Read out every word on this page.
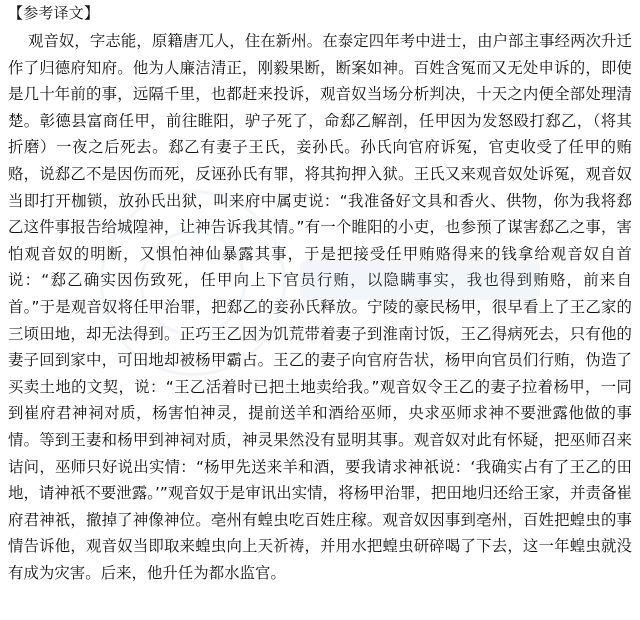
【参考译文】

观音奴，字志能，原籍唐兀人，住在新州。在泰定四年考中进士，由户部主事经两次升迁作了归德府知府。他为人廉洁清正，刚毅果断，断案如神。百姓含冤而又无处申诉的，即使是几十年前的事，远隔千里，也都赶来投诉，观音奴当场分析判决，十天之内便全部处理清楚。彰德县富商任甲，前往睢阳，驴子死了，命郄乙解剖，任甲因为发怒殴打郄乙，（将其折磨）一夜之后死去。郄乙有妻子王氏，妾孙氏。孙氏向官府诉冤，官吏收受了任甲的贿赂，说郄乙不是因伤而死，反诬孙氏有罪，将其拘押入狱。王氏又来观音奴处诉冤，观音奴当即打开枷锁，放孙氏出狱，叫来府中属吏说：“我准备好文具和香火、供物，你为我将郄乙这件事报告给城隍神，让神告诉我其情。”有一个睢阳的小吏，也参预了谋害郄乙之事，害怕观音奴的明断，又惧怕神仙暴露其事，于是把接受任甲贿赂得来的钱拿给观音奴自首说：“郄乙确实因伤致死，任甲向上下官员行贿，以隐瞒事实，我也得到贿赂，前来自首。”于是观音奴将任甲治罪，把郄乙的妾孙氏释放。宁陵的豪民杨甲，很早看上了王乙家的三顷田地，却无法得到。正巧王乙因为饥荒带着妻子到淮南讨饭，王乙得病死去，只有他的妻子回到家中，可田地却被杨甲霸占。王乙的妻子向官府告状，杨甲向官员们行贿，伪造了买卖土地的文契，说：“王乙活着时已把土地卖给我。”观音奴令王乙的妻子拉着杨甲，一同到崔府君神祠对质，杨害怕神灵，提前送羊和酒给巫师，央求巫师求神不要泄露他做的事情。等到王妻和杨甲到神祠对质，神灵果然没有显明其事。观音奴对此有怀疑，把巫师召来诘问，巫师只好说出实情：“杨甲先送来羊和酒，要我请求神祇说：‘我确实占有了王乙的田地，请神祇不要泄露。’”观音奴于是审讯出实情，将杨甲治罪，把田地归还给王家，并责备崔府君神祇，撤掉了神像神位。亳州有蝗虫吃百姓庄稼。观音奴因事到亳州，百姓把蝗虫的事情告诉他，观音奴当即取来蝗虫向上天祈祷，并用水把蝗虫研碎喝了下去，这一年蝗虫就没有成为灾害。后来，他升任为都水监官。
